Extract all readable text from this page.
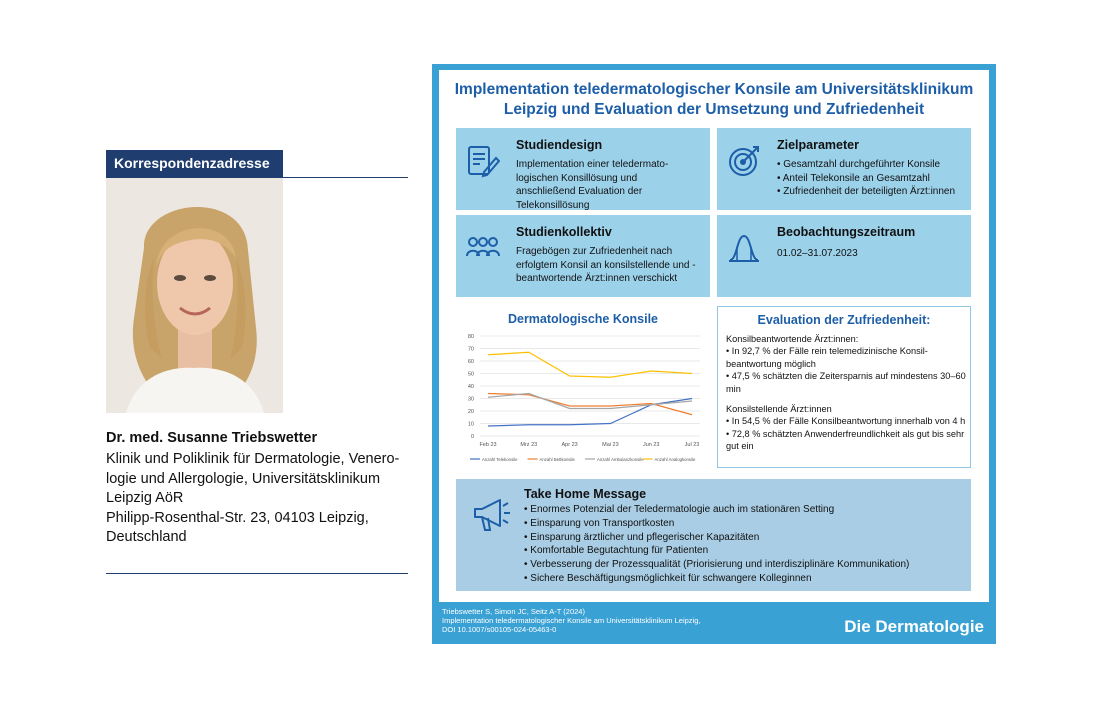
Korrespondenzadresse
Dr. med. Susanne Triebswetter
Klinik und Poliklinik für Dermatologie, Venero-
logie und Allergologie, Universitätsklinikum
Leipzig AöR
Philipp-Rosenthal-Str. 23, 04103 Leipzig,
Deutschland
Implementation teledermatologischer Konsile am Universitätsklinikum
Leipzig und Evaluation der Umsetzung und Zufriedenheit
Studiendesign
Implementation einer teledermato-logischen Konsillösung und anschließend Evaluation der Telekonsillösung
Zielparameter
• Gesamtzahl durchgeführter Konsile
• Anteil Telekonsile an Gesamtzahl
• Zufriedenheit der beteiligten Ärzt:innen
Studienkollektiv
Fragebögen zur Zufriedenheit nach erfolgtem Konsil an konsilstellende und -beantwortende Ärzt:innen verschickt
Beobachtungszeitraum
01.02–31.07.2023
Dermatologische Konsile
0
10
20
30
40
50
60
70
80
Feb 23	Mrz 23	Apr 23	Mai 23	Jun 23	Jul 23
Anzahl Telekonsile	Anzahl Bettkonsile	Anzahl Ambulanzkonsile	Anzahl Analogkonsile
Evaluation der Zufriedenheit:
Konsilbeantwortende Ärzt:innen:
• In 92,7 % der Fälle rein telemedizinische Konsil-beantwortung möglich
• 47,5 % schätzten die Zeitersparnis auf mindestens 30–60 min
Konsilstellende Ärzt:innen
• In 54,5 % der Fälle Konsilbeantwortung innerhalb von 4 h
• 72,8 % schätzten Anwenderfreundlichkeit als gut bis sehr gut ein
Take Home Message
• Enormes Potenzial der Teledermatologie auch im stationären Setting
• Einsparung von Transportkosten
• Einsparung ärztlicher und pflegerischer Kapazitäten
• Komfortable Begutachtung für Patienten
• Verbesserung der Prozessqualität (Priorisierung und interdisziplinäre Kommunikation)
• Sichere Beschäftigungsmöglichkeit für schwangere Kolleginnen
Triebswetter S, Simon JC, Seitz A-T (2024)
Implementation teledermatologischer Konsile am Universitätsklinikum Leipzig,
DOI 10.1007/s00105-024-05463-0	Die Dermatologie
